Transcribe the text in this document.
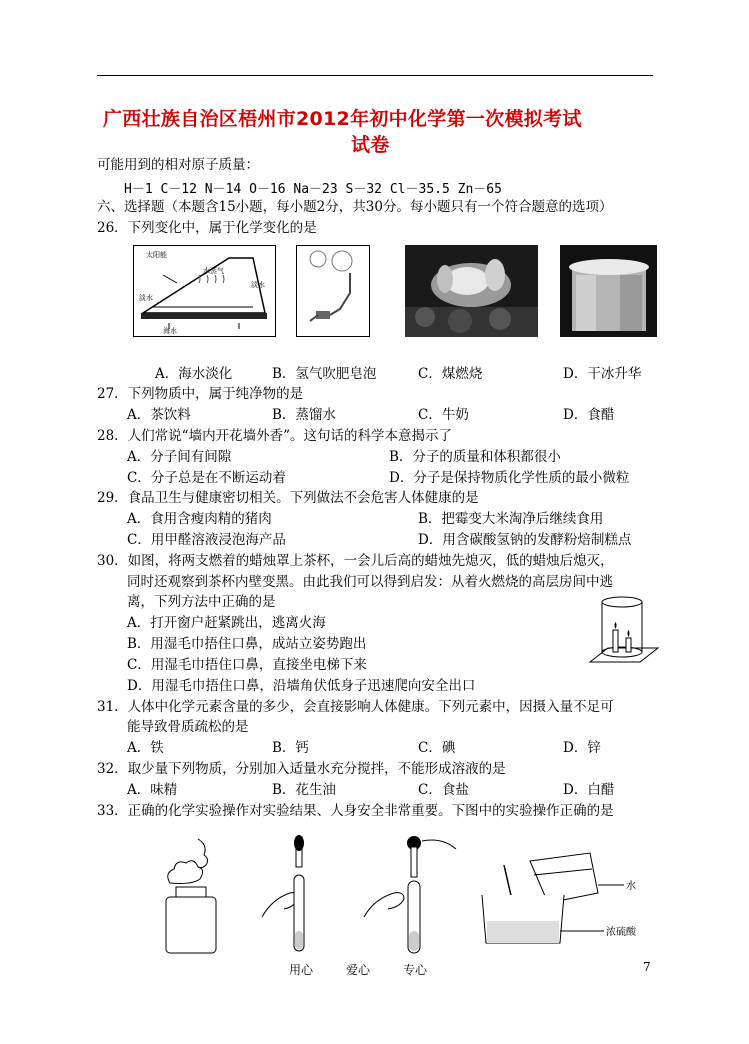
广西壮族自治区梧州市2012年初中化学第一次模拟考试
试卷
可能用到的相对原子质量：
H－1 C－12 N－14 O－16 Na－23 S－32 Cl－35.5 Zn－65
六、选择题（本题含15小题，每小题2分，共30分。每小题只有一个符合题意的选项）
26．下列变化中，属于化学变化的是
太阳能
水蒸气
淡水
淡水
海水
A．海水淡化	B．氢气吹肥皂泡	C．煤燃烧	D．干冰升华
27．下列物质中，属于纯净物的是
A．茶饮料	B．蒸馏水	C．牛奶	D．食醋
28．人们常说“墙内开花墙外香”。这句话的科学本意揭示了
A．分子间有间隙	B．分子的质量和体积都很小
C．分子总是在不断运动着	D．分子是保持物质化学性质的最小微粒
29．食品卫生与健康密切相关。下列做法不会危害人体健康的是
A．食用含瘦肉精的猪肉	B．把霉变大米淘净后继续食用
C．用甲醛溶液浸泡海产品	D．用含碳酸氢钠的发酵粉焙制糕点
30．如图，将两支燃着的蜡烛罩上茶杯，一会儿后高的蜡烛先熄灭，低的蜡烛后熄灭，
同时还观察到茶杯内壁变黑。由此我们可以得到启发：从着火燃烧的高层房间中逃
离，下列方法中正确的是
A．打开窗户赶紧跳出，逃离火海
B．用湿毛巾捂住口鼻，成站立姿势跑出
C．用湿毛巾捂住口鼻，直接坐电梯下来
D．用湿毛巾捂住口鼻，沿墙角伏低身子迅速爬向安全出口
31．人体中化学元素含量的多少，会直接影响人体健康。下列元素中，因摄入量不足可
能导致骨质疏松的是
A．铁	B．钙	C．碘	D．锌
32．取少量下列物质，分别加入适量水充分搅拌，不能形成溶液的是
A．味精	B．花生油	C．食盐	D．白醋
33．正确的化学实验操作对实验结果、人身安全非常重要。下图中的实验操作正确的是
水
浓硫酸
用心	爱心	专心	7
